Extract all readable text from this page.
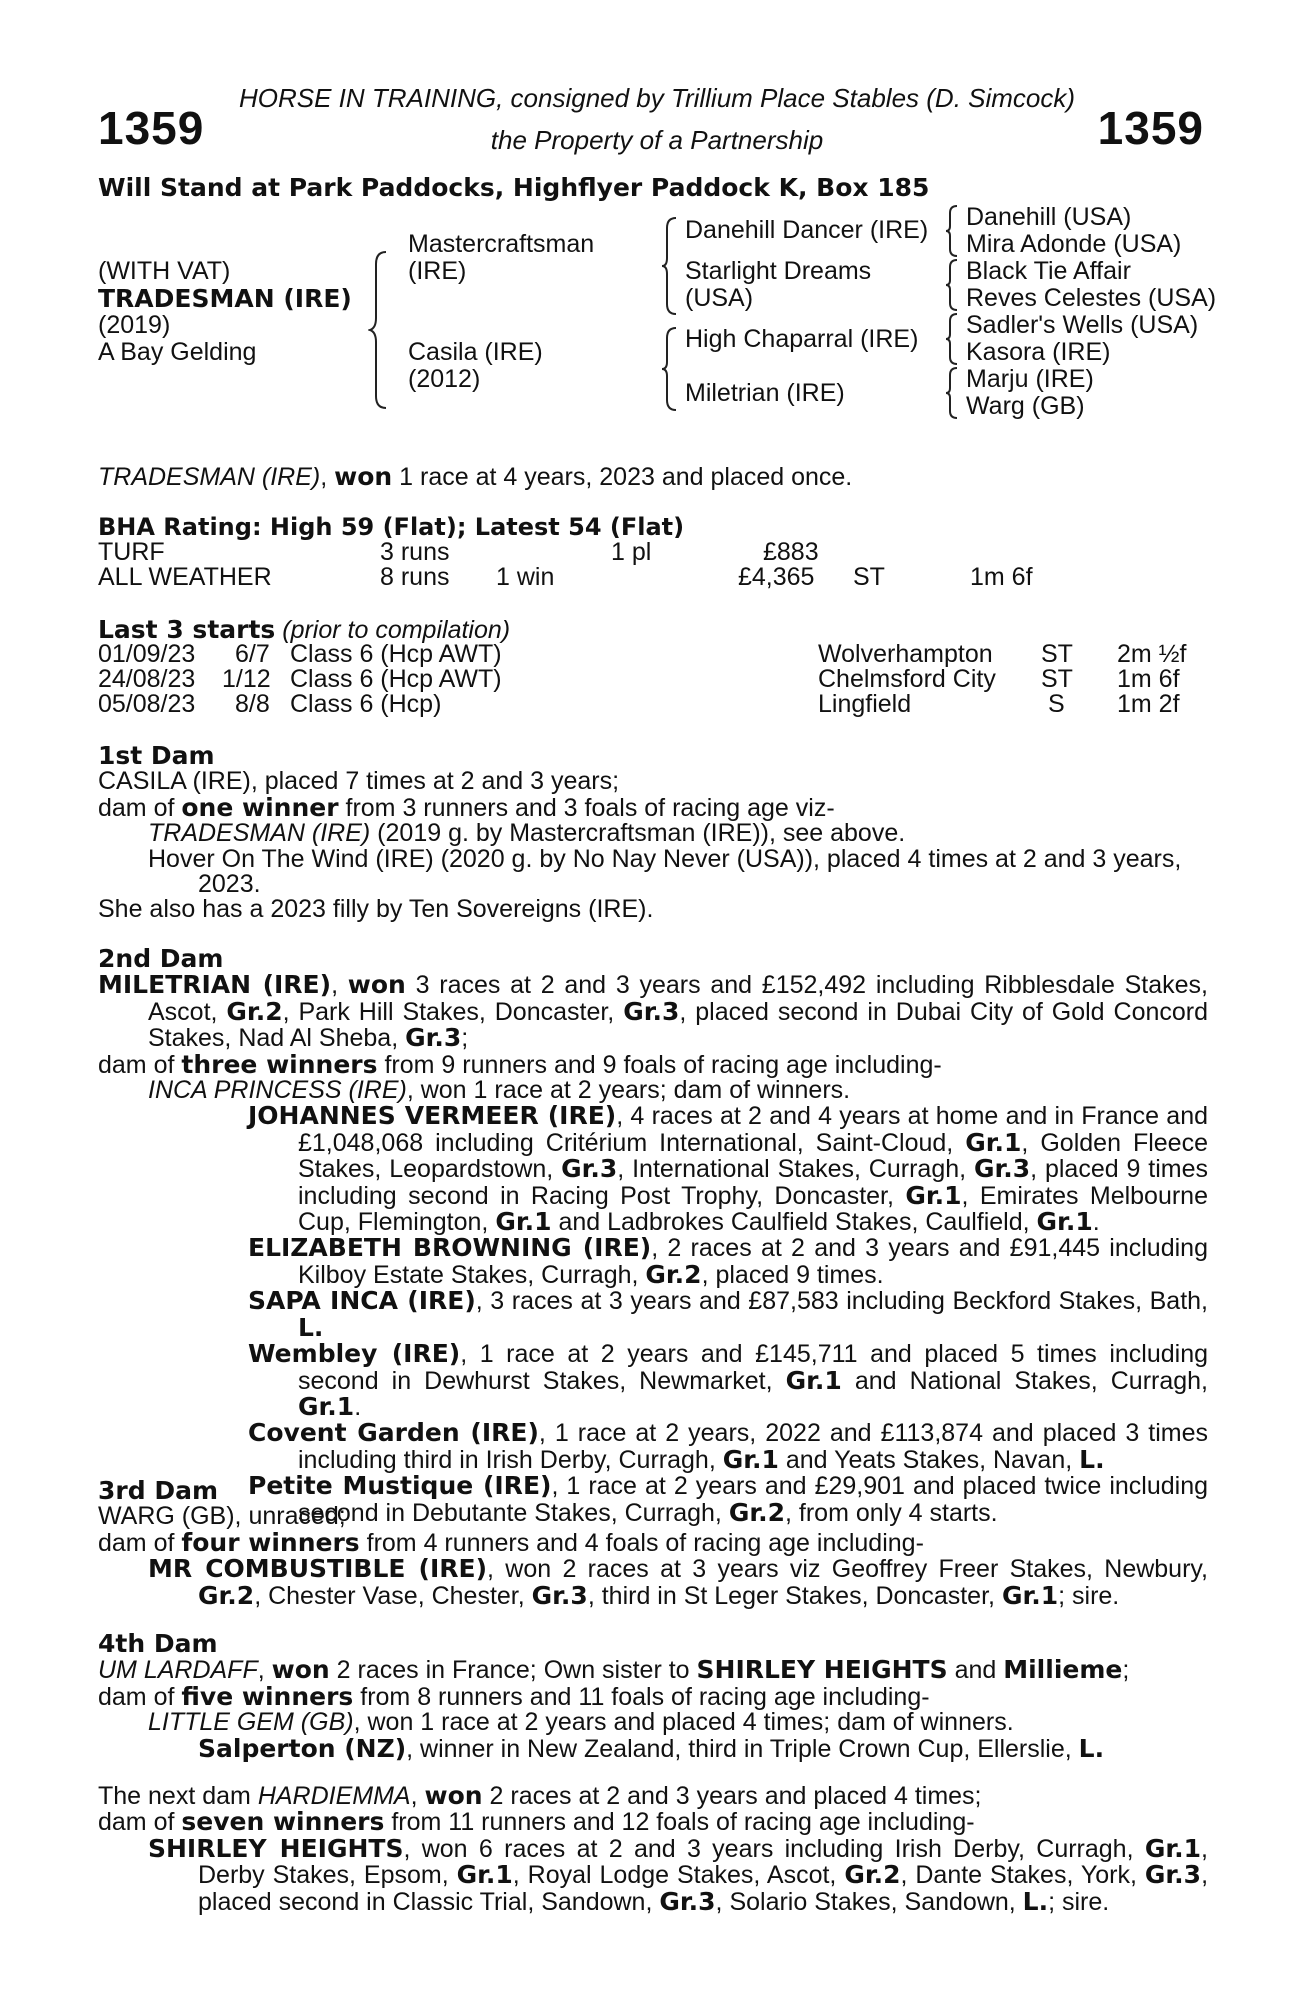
HORSE IN TRAINING, consigned by Trillium Place Stables (D. Simcock)
1359	the Property of a Partnership	1359
Will Stand at Park Paddocks, Highflyer Paddock K, Box 185
(WITH VAT)
TRADESMAN (IRE)
(2019)
A Bay Gelding
Mastercraftsman
(IRE)
Casila (IRE)
(2012)
Danehill Dancer (IRE)
Starlight Dreams
(USA)
High Chaparral (IRE)
Miletrian (IRE)
Danehill (USA)
Mira Adonde (USA)
Black Tie Affair
Reves Celestes (USA)
Sadler's Wells (USA)
Kasora (IRE)
Marju (IRE)
Warg (GB)
TRADESMAN (IRE), won 1 race at 4 years, 2023 and placed once.
BHA Rating: High 59 (Flat); Latest 54 (Flat)
TURF	3 runs	1 pl	£883
ALL WEATHER	8 runs 1 win	£4,365 ST	1m 6f
Last 3 starts (prior to compilation)
01/09/23 6/7 Class 6 (Hcp AWT)	Wolverhampton ST 2m ½f
24/08/23 1/12 Class 6 (Hcp AWT)	Chelmsford City ST 1m 6f
05/08/23 8/8 Class 6 (Hcp)	Lingfield	S 1m 2f

1st Dam

CASILA (IRE), placed 7 times at 2 and 3 years;

dam of one winner from 3 runners and 3 foals of racing age viz-

TRADESMAN (IRE) (2019 g. by Mastercraftsman (IRE)), see above.

Hover On The Wind (IRE) (2020 g. by No Nay Never (USA)), placed 4 times at 2 and 3 years, 2023.

She also has a 2023 filly by Ten Sovereigns (IRE).

2nd Dam

MILETRIAN (IRE), won 3 races at 2 and 3 years and £152,492 including Ribblesdale Stakes, Ascot, Gr.2, Park Hill Stakes, Doncaster, Gr.3, placed second in Dubai City of Gold Concord Stakes, Nad Al Sheba, Gr.3;

dam of three winners from 9 runners and 9 foals of racing age including-

INCA PRINCESS (IRE), won 1 race at 2 years; dam of winners.

JOHANNES VERMEER (IRE), 4 races at 2 and 4 years at home and in France and £1,048,068 including Critérium International, Saint-Cloud, Gr.1, Golden Fleece Stakes, Leopardstown, Gr.3, International Stakes, Curragh, Gr.3, placed 9 times including second in Racing Post Trophy, Doncaster, Gr.1, Emirates Melbourne Cup, Flemington, Gr.1 and Ladbrokes Caulfield Stakes, Caulfield, Gr.1.

ELIZABETH BROWNING (IRE), 2 races at 2 and 3 years and £91,445 including Kilboy Estate Stakes, Curragh, Gr.2, placed 9 times.

SAPA INCA (IRE), 3 races at 3 years and £87,583 including Beckford Stakes, Bath, L.

Wembley (IRE), 1 race at 2 years and £145,711 and placed 5 times including second in Dewhurst Stakes, Newmarket, Gr.1 and National Stakes, Curragh, Gr.1.

Covent Garden (IRE), 1 race at 2 years, 2022 and £113,874 and placed 3 times including third in Irish Derby, Curragh, Gr.1 and Yeats Stakes, Navan, L.

Petite Mustique (IRE), 1 race at 2 years and £29,901 and placed twice including second in Debutante Stakes, Curragh, Gr.2, from only 4 starts.

3rd Dam

WARG (GB), unraced;

dam of four winners from 4 runners and 4 foals of racing age including-

MR COMBUSTIBLE (IRE), won 2 races at 3 years viz Geoffrey Freer Stakes, Newbury, Gr.2, Chester Vase, Chester, Gr.3, third in St Leger Stakes, Doncaster, Gr.1; sire.

4th Dam

UM LARDAFF, won 2 races in France; Own sister to SHIRLEY HEIGHTS and Millieme;

dam of five winners from 8 runners and 11 foals of racing age including-

LITTLE GEM (GB), won 1 race at 2 years and placed 4 times; dam of winners.

Salperton (NZ), winner in New Zealand, third in Triple Crown Cup, Ellerslie, L.

The next dam HARDIEMMA, won 2 races at 2 and 3 years and placed 4 times;

dam of seven winners from 11 runners and 12 foals of racing age including-

SHIRLEY HEIGHTS, won 6 races at 2 and 3 years including Irish Derby, Curragh, Gr.1, Derby Stakes, Epsom, Gr.1, Royal Lodge Stakes, Ascot, Gr.2, Dante Stakes, York, Gr.3, placed second in Classic Trial, Sandown, Gr.3, Solario Stakes, Sandown, L.; sire.
